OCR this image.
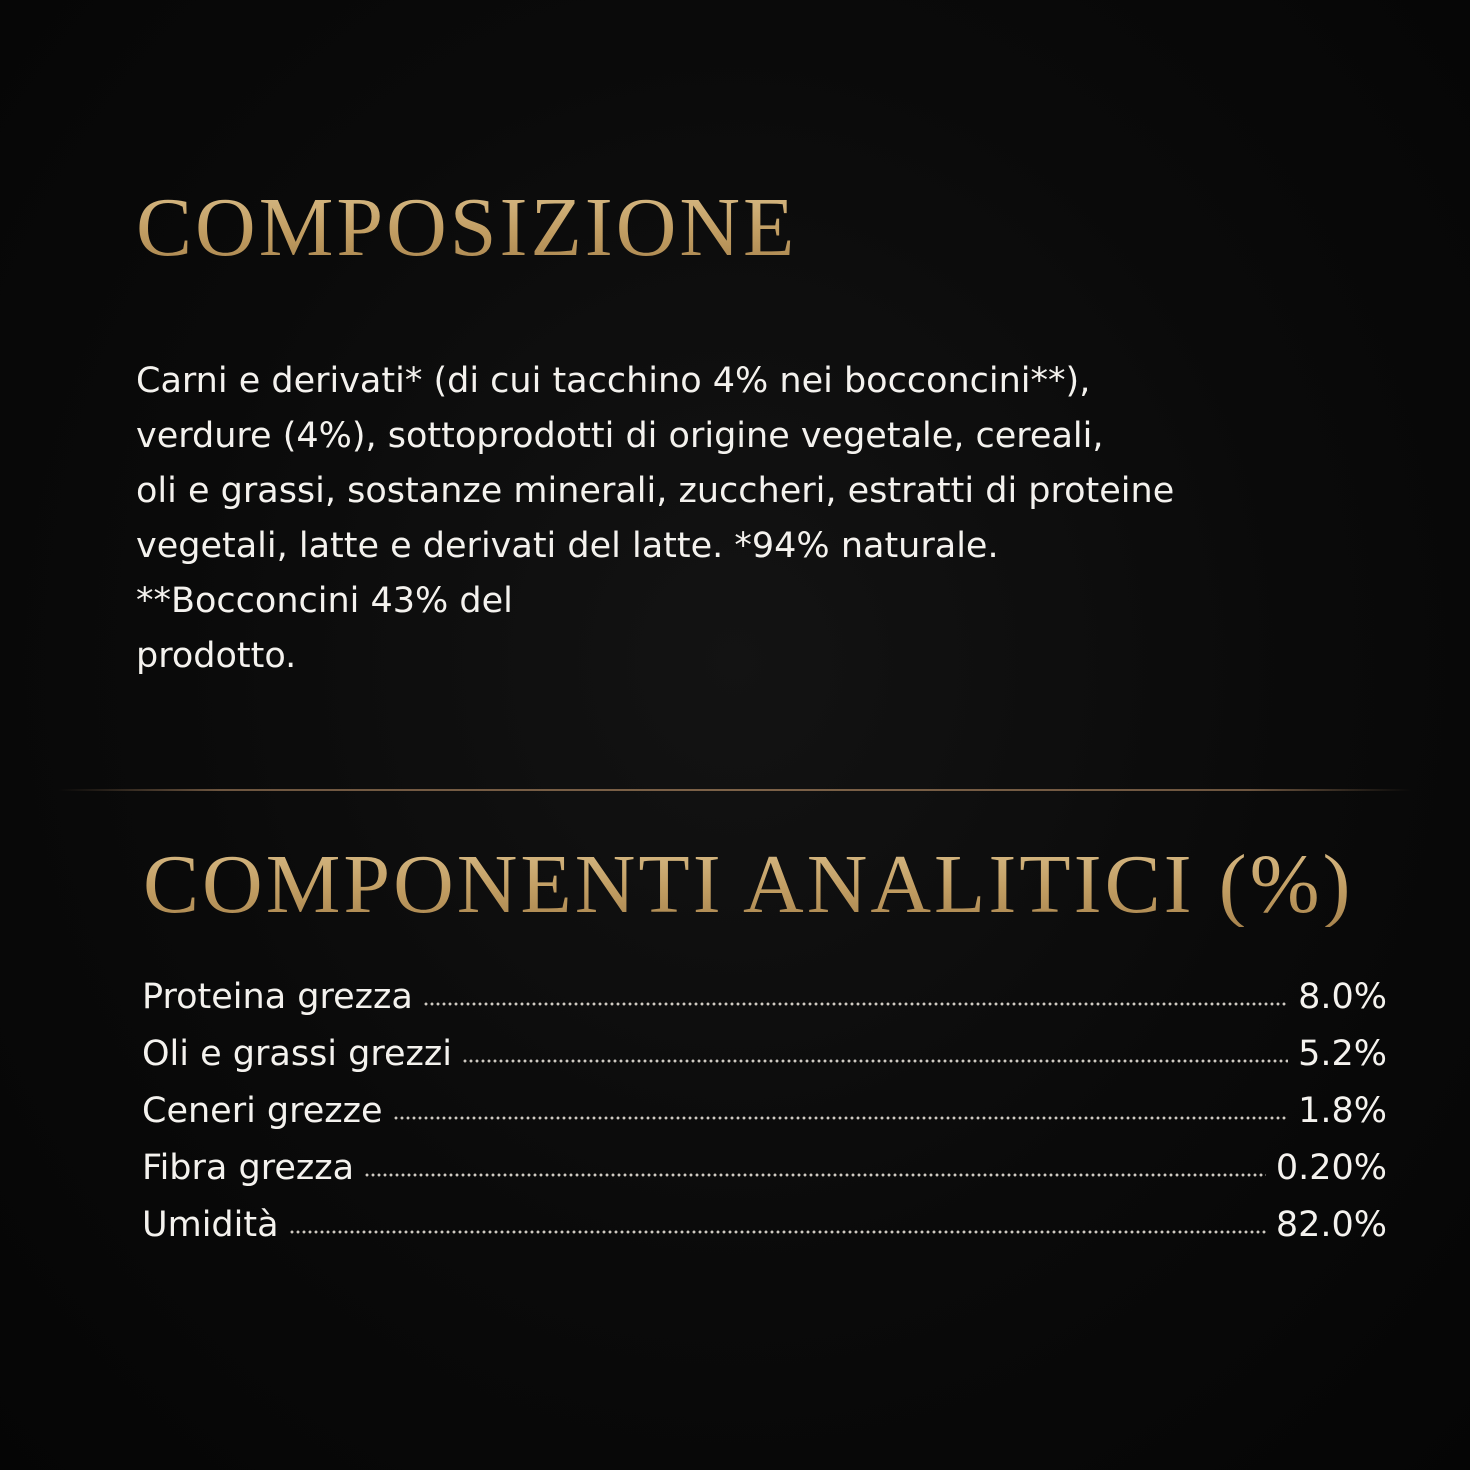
COMPOSIZIONE
Carni e derivati* (di cui tacchino 4% nei bocconcini**),
verdure (4%), sottoprodotti di origine vegetale, cereali,
oli e grassi, sostanze minerali, zuccheri, estratti di proteine
vegetali, latte e derivati del latte. *94% naturale.
**Bocconcini 43% del
prodotto.
COMPONENTI ANALITICI (%)
Proteina grezza	8.0%
Oli e grassi grezzi	5.2%
Ceneri grezze	1.8%
Fibra grezza	0.20%
Umidità	82.0%
